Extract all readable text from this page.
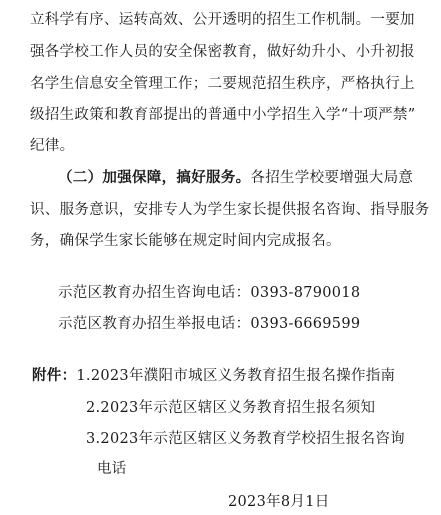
立科学有序、运转高效、公开透明的招生工作机制。一要加
强各学校工作人员的安全保密教育，做好幼升小、小升初报
名学生信息安全管理工作；二要规范招生秩序，严格执行上
级招生政策和教育部提出的普通中小学招生入学“十项严禁”
纪律。
（二）加强保障，搞好服务。各招生学校要增强大局意
识、服务意识，安排专人为学生家长提供报名咨询、指导服务
务，确保学生家长能够在规定时间内完成报名。
示范区教育办招生咨询电话：0393-8790018
示范区教育办招生举报电话：0393-6669599
附件：1.2023年濮阳市城区义务教育招生报名操作指南
2.2023年示范区辖区义务教育招生报名须知
3.2023年示范区辖区义务教育学校招生报名咨询
电话
2023年8月1日
